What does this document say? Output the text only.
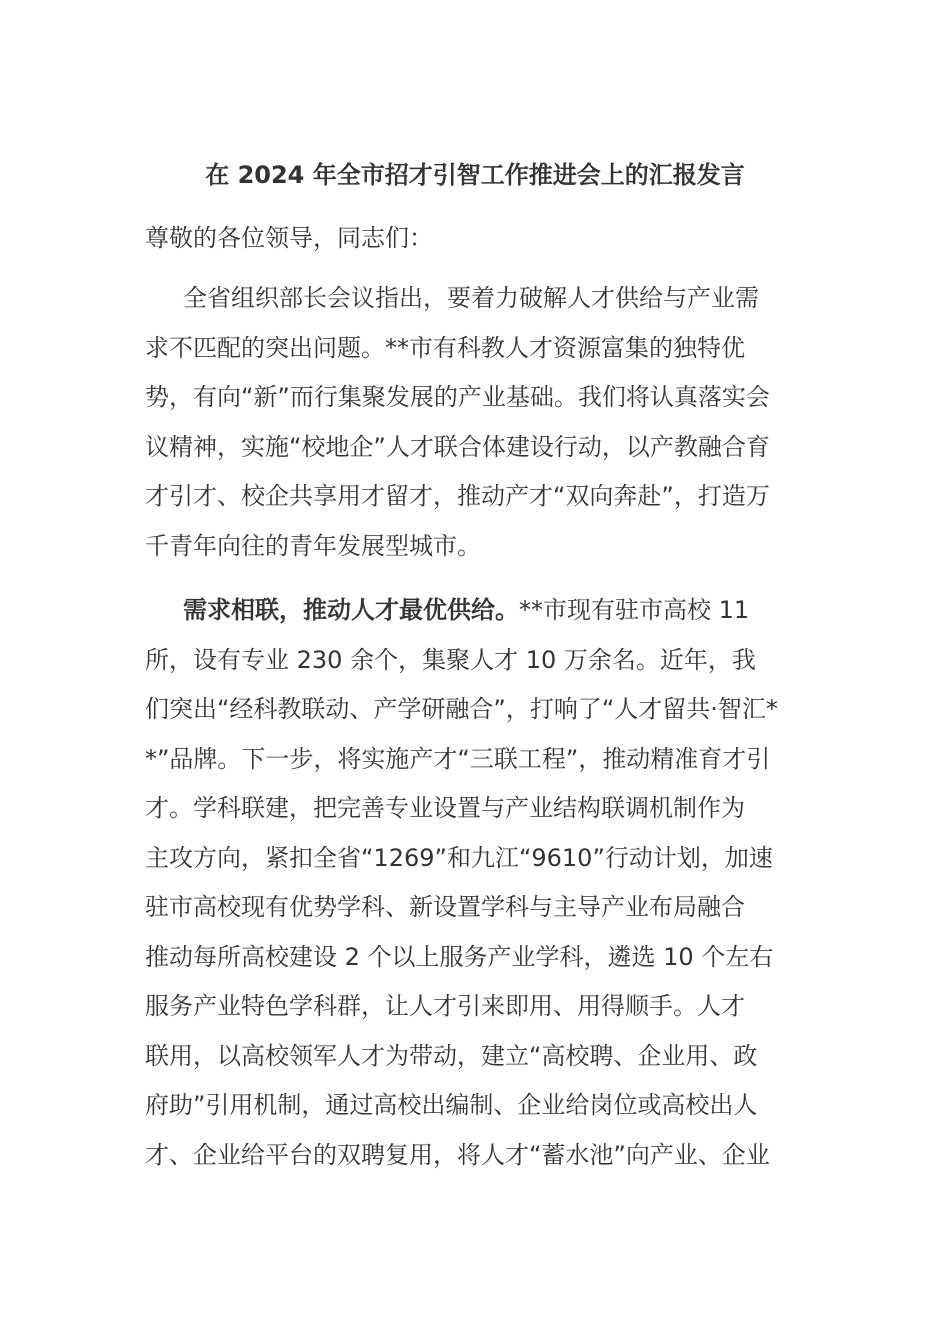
在 2024 年全市招才引智工作推进会上的汇报发言
尊敬的各位领导，同志们：
全省组织部长会议指出，要着力破解人才供给与产业需
求不匹配的突出问题。**市有科教人才资源富集的独特优
势，有向“新”而行集聚发展的产业基础。我们将认真落实会
议精神，实施“校地企”人才联合体建设行动，以产教融合育
才引才、校企共享用才留才，推动产才“双向奔赴”，打造万
千青年向往的青年发展型城市。
需求相联，推动人才最优供给。**市现有驻市高校 11
所，设有专业 230 余个，集聚人才 10 万余名。近年，我
们突出“经科教联动、产学研融合”，打响了“人才留共·智汇*
*”品牌。下一步，将实施产才“三联工程”，推动精准育才引
才。学科联建，把完善专业设置与产业结构联调机制作为
主攻方向，紧扣全省“1269”和九江“9610”行动计划，加速
驻市高校现有优势学科、新设置学科与主导产业布局融合
推动每所高校建设 2 个以上服务产业学科，遴选 10 个左右
服务产业特色学科群，让人才引来即用、用得顺手。人才
联用，以高校领军人才为带动，建立“高校聘、企业用、政
府助”引用机制，通过高校出编制、企业给岗位或高校出人
才、企业给平台的双聘复用，将人才“蓄水池”向产业、企业
